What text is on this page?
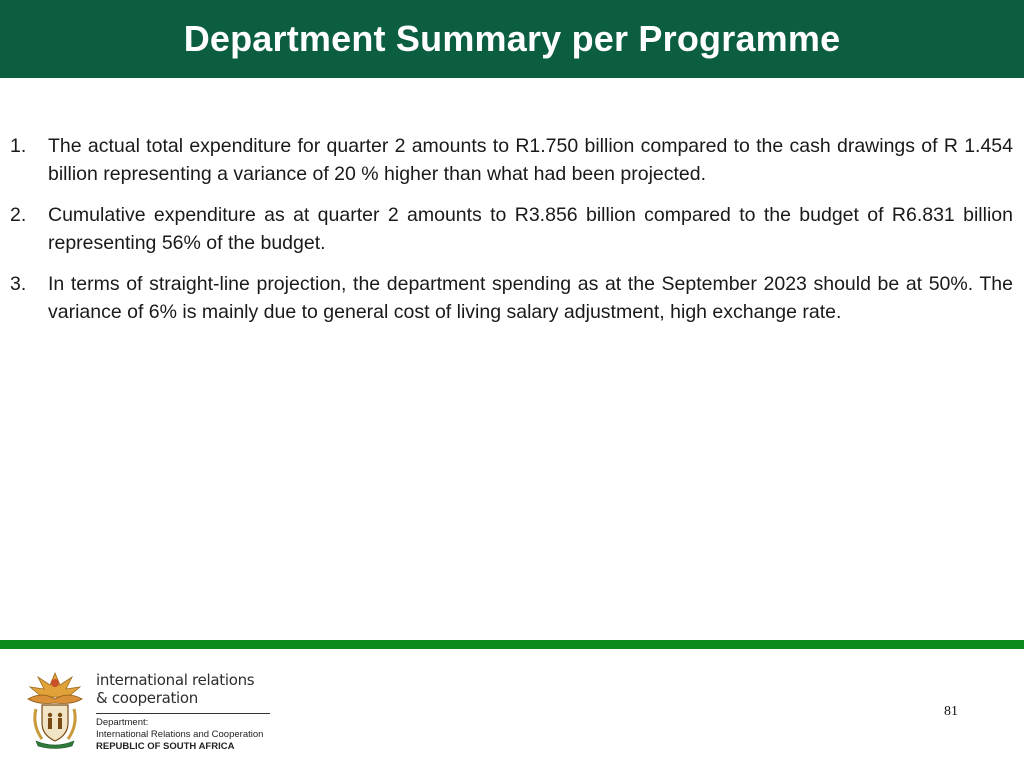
Department Summary per Programme
1.	The actual total expenditure for quarter 2 amounts to R1.750 billion compared to the cash drawings of R 1.454 billion representing a variance of 20 % higher than what had been projected.
2.	Cumulative expenditure as at quarter 2 amounts to R3.856 billion compared to the budget of R6.831 billion representing 56% of the budget.
3.	In terms of straight-line projection, the department spending as at the September 2023 should be at 50%. The variance of 6% is mainly due to general cost of living salary adjustment, high exchange rate.
international relations
& cooperation
Department:
International Relations and Cooperation
REPUBLIC OF SOUTH AFRICA
81
